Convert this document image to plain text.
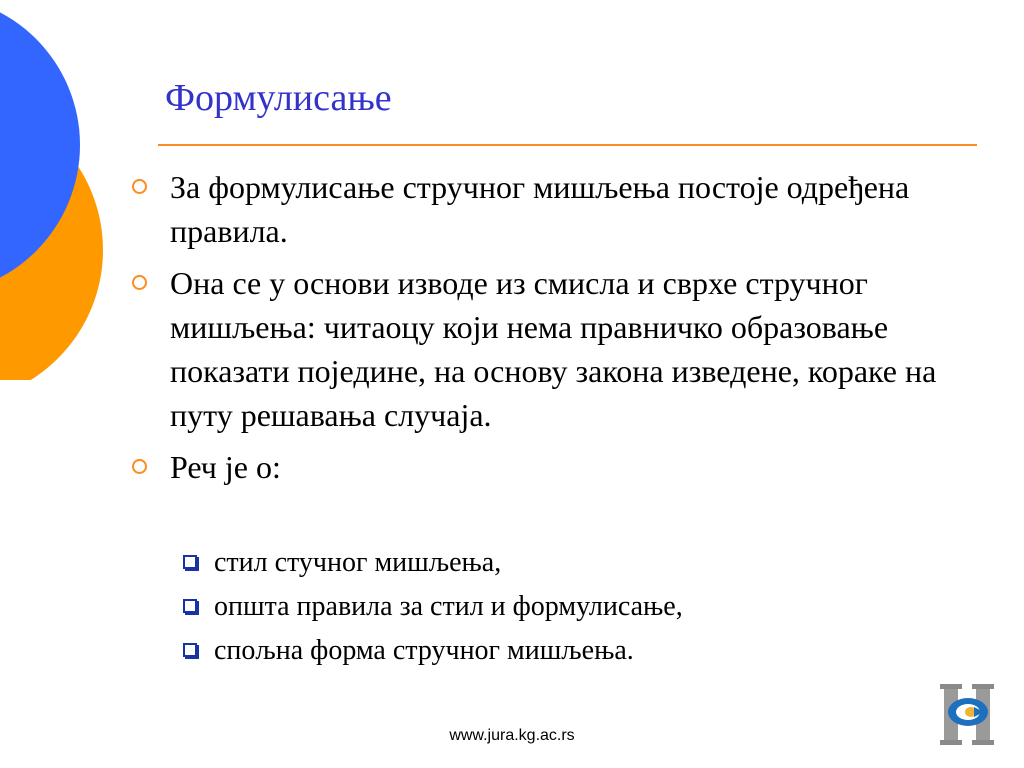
Формулисање
За формулисање стручног мишљења постоје одређена правила.
Она се у основи изводе из смисла и сврхе стручног мишљења: читаоцу који нема правничко образовање показати поједине, на основу закона изведене, кораке на путу решавања случаја.
Реч је о:
стил стучног мишљења,
општа правила за стил и формулисање,
спољна форма стручног мишљења.
www.jura.kg.ac.rs
